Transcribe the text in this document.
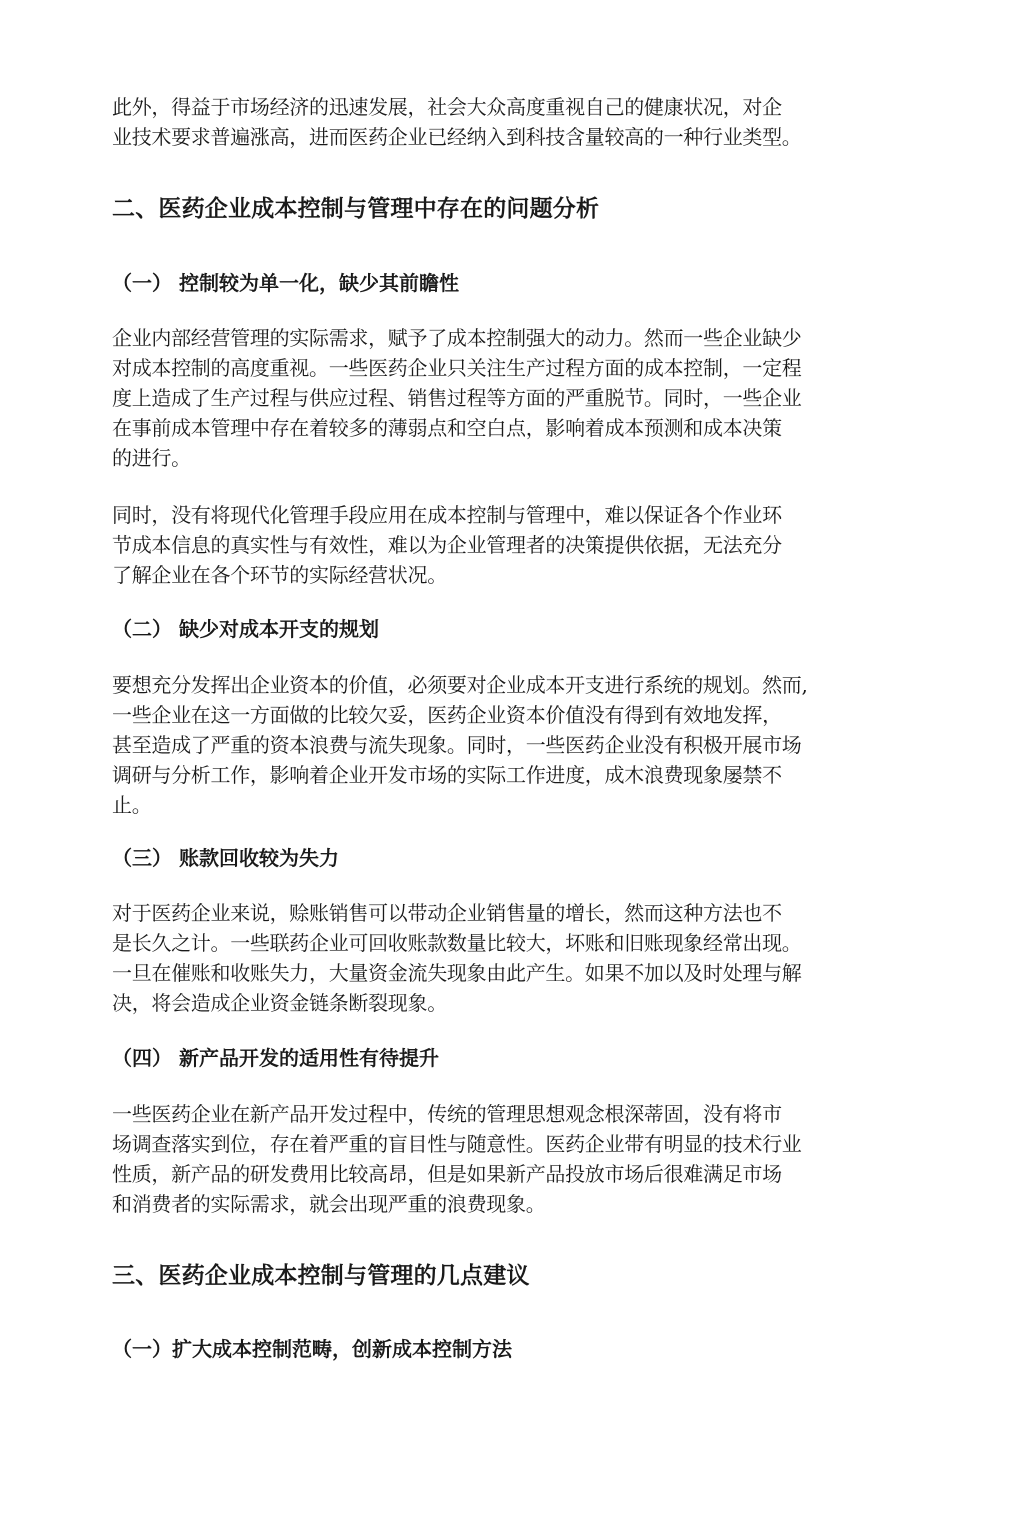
此外，得益于市场经济的迅速发展，社会大众高度重视自己的健康状况，对企
业技术要求普遍涨高，进而医药企业已经纳入到科技含量较高的一种行业类型。

二、医药企业成本控制与管理中存在的问题分析
（一） 控制较为单一化，缺少其前瞻性

企业内部经营管理的实际需求，赋予了成本控制强大的动力。然而一些企业缺少
对成本控制的高度重视。一些医药企业只关注生产过程方面的成本控制，一定程
度上造成了生产过程与供应过程、销售过程等方面的严重脱节。同时，一些企业
在事前成本管理中存在着较多的薄弱点和空白点，影响着成本预测和成本决策
的进行。

同时，没有将现代化管理手段应用在成本控制与管理中，难以保证各个作业环
节成本信息的真实性与有效性，难以为企业管理者的决策提供依据，无法充分
了解企业在各个环节的实际经营状况。

（二） 缺少对成本开支的规划

要想充分发挥出企业资本的价值，必须要对企业成本开支进行系统的规划。然而,
一些企业在这一方面做的比较欠妥，医药企业资本价值没有得到有效地发挥，
甚至造成了严重的资本浪费与流失现象。同时，一些医药企业没有积极开展市场
调研与分析工作，影响着企业开发市场的实际工作进度，成木浪费现象屡禁不
止。

（三） 账款回收较为失力

对于医药企业来说，赊账销售可以带动企业销售量的增长，然而这种方法也不
是长久之计。一些联药企业可回收账款数量比较大，坏账和旧账现象经常出现。
一旦在催账和收账失力，大量资金流失现象由此产生。如果不加以及时处理与解
决，将会造成企业资金链条断裂现象。

（四） 新产品开发的适用性有待提升

一些医药企业在新产品开发过程中，传统的管理思想观念根深蒂固，没有将市
场调查落实到位，存在着严重的盲目性与随意性。医药企业带有明显的技术行业
性质，新产品的研发费用比较高昂，但是如果新产品投放市场后很难满足市场
和消费者的实际需求，就会出现严重的浪费现象。

三、医药企业成本控制与管理的几点建议
（一）扩大成本控制范畴，创新成本控制方法
